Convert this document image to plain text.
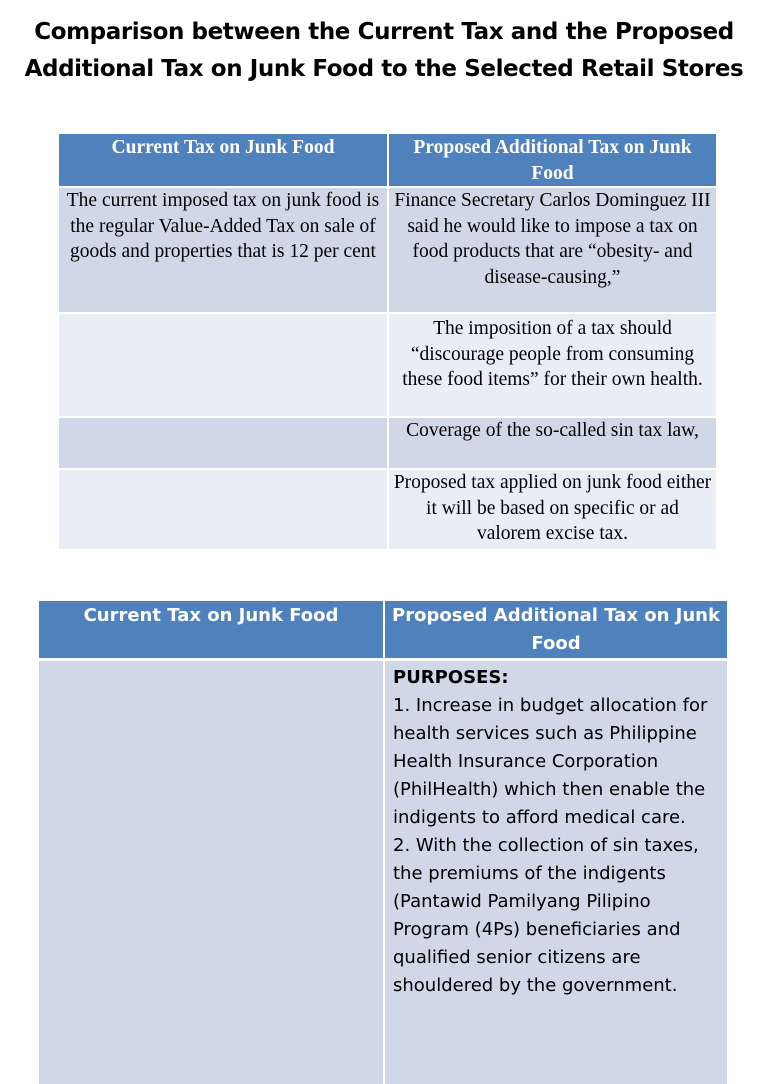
Comparison between the Current Tax and the Proposed Additional Tax on Junk Food to the Selected Retail Stores
Current Tax on Junk Food	Proposed Additional Tax on Junk Food
The current imposed tax on junk food is the regular Value-Added Tax on sale of goods and properties that is 12 per cent	Finance Secretary Carlos Dominguez III said he would like to impose a tax on food products that are “obesity- and disease-causing,”
	The imposition of a tax should “discourage people from consuming these food items” for their own health.
	Coverage of the so-called sin tax law,
	Proposed tax applied on junk food either it will be based on specific or ad valorem excise tax.
Current Tax on Junk Food	Proposed Additional Tax on Junk Food

	PURPOSES:
1. Increase in budget allocation for health services such as Philippine Health Insurance Corporation (PhilHealth) which then enable the indigents to afford medical care.
2. With the collection of sin taxes, the premiums of the indigents (Pantawid Pamilyang Pilipino Program (4Ps) beneficiaries and qualified senior citizens are shouldered by the government.
